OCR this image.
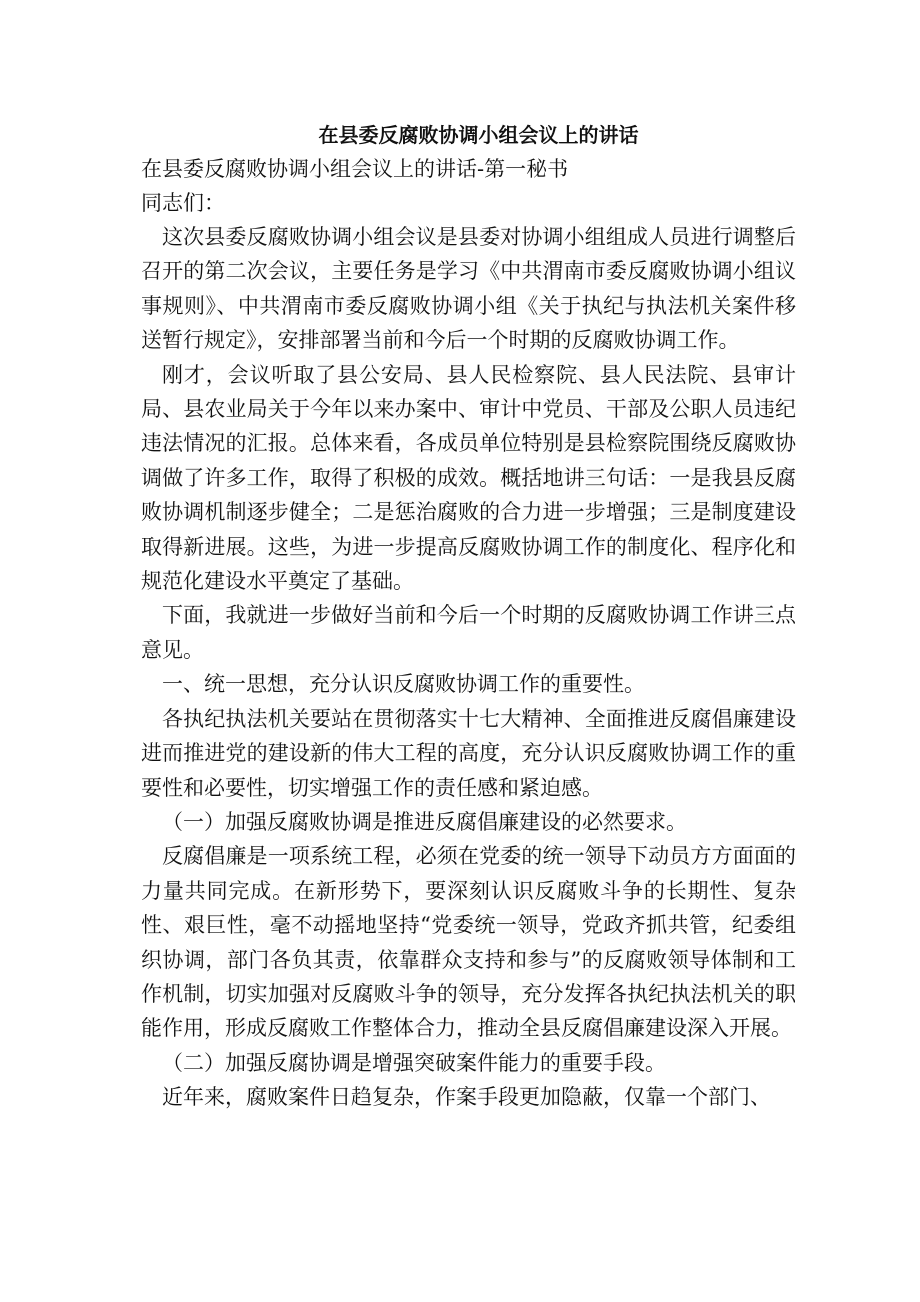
在县委反腐败协调小组会议上的讲话
在县委反腐败协调小组会议上的讲话-第一秘书
同志们：

这次县委反腐败协调小组会议是县委对协调小组组成人员进行调整后召开的第二次会议，主要任务是学习《中共渭南市委反腐败协调小组议事规则》、中共渭南市委反腐败协调小组《关于执纪与执法机关案件移送暂行规定》，安排部署当前和今后一个时期的反腐败协调工作。

刚才，会议听取了县公安局、县人民检察院、县人民法院、县审计局、县农业局关于今年以来办案中、审计中党员、干部及公职人员违纪违法情况的汇报。总体来看，各成员单位特别是县检察院围绕反腐败协调做了许多工作，取得了积极的成效。概括地讲三句话：一是我县反腐败协调机制逐步健全；二是惩治腐败的合力进一步增强；三是制度建设取得新进展。这些，为进一步提高反腐败协调工作的制度化、程序化和规范化建设水平奠定了基础。

下面，我就进一步做好当前和今后一个时期的反腐败协调工作讲三点意见。

一、统一思想，充分认识反腐败协调工作的重要性。

各执纪执法机关要站在贯彻落实十七大精神、全面推进反腐倡廉建设进而推进党的建设新的伟大工程的高度，充分认识反腐败协调工作的重要性和必要性，切实增强工作的责任感和紧迫感。

（一）加强反腐败协调是推进反腐倡廉建设的必然要求。

反腐倡廉是一项系统工程，必须在党委的统一领导下动员方方面面的力量共同完成。在新形势下，要深刻认识反腐败斗争的长期性、复杂性、艰巨性，毫不动摇地坚持“党委统一领导，党政齐抓共管，纪委组织协调，部门各负其责，依靠群众支持和参与”的反腐败领导体制和工作机制，切实加强对反腐败斗争的领导，充分发挥各执纪执法机关的职能作用，形成反腐败工作整体合力，推动全县反腐倡廉建设深入开展。

（二）加强反腐协调是增强突破案件能力的重要手段。

近年来，腐败案件日趋复杂，作案手段更加隐蔽，仅靠一个部门、
